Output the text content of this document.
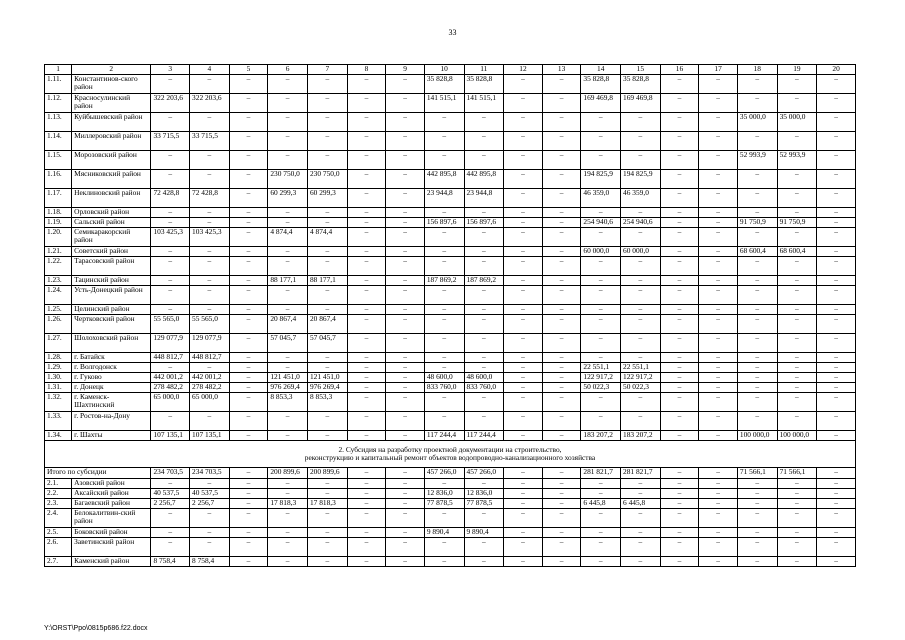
33
1	2	3	4	5	6	7	8	9	10	11	12	13	14	15	16	17	18	19	20
1.11.	Константинов-ского район	–	–	–	–	–	–	–	35 828,8	35 828,8	–	–	35 828,8	35 828,8	–	–	–	–	–
1.12.	Красносулинский район	322 203,6	322 203,6	–	–	–	–	–	141 515,1	141 515,1	–	–	169 469,8	169 469,8	–	–	–	–	–
1.13.	Куйбышевский район	–	–	–	–	–	–	–	–	–	–	–	–	–	–	–	35 000,0	35 000,0	–
1.14.	Миллеровский район	33 715,5	33 715,5	–	–	–	–	–	–	–	–	–	–	–	–	–	–	–	–
1.15.	Морозовский район	–	–	–	–	–	–	–	–	–	–	–	–	–	–	–	52 993,9	52 993,9	–
1.16.	Мясниковский район	–	–	–	230 750,0	230 750,0	–	–	442 895,8	442 895,8	–	–	194 825,9	194 825,9	–	–	–	–	–
1.17.	Неклиновский район	72 428,8	72 428,8	–	60 299,3	60 299,3	–	–	23 944,8	23 944,8	–	–	46 359,0	46 359,0	–	–	–	–	–
1.18.	Орловский район	–	–	–	–	–	–	–	–	–	–	–	–	–	–	–	–	–	–
1.19.	Сальский район	–	–	–	–	–	–	–	156 897,6	156 897,6	–	–	254 940,6	254 940,6	–	–	91 750,9	91 750,9	–
1.20.	Семикаракорский район	103 425,3	103 425,3	–	4 874,4	4 874,4	–	–	–	–	–	–	–	–	–	–	–	–	–
1.21.	Советский район	–	–	–	–	–	–	–	–	–	–	–	60 000,0	60 000,0	–	–	68 600,4	68 600,4	–
1.22.	Тарасовский район	–	–	–	–	–	–	–	–	–	–	–	–	–	–	–	–	–	–
1.23.	Тацинский район	–	–	–	88 177,1	88 177,1	–	–	187 869,2	187 869,2	–	–	–	–	–	–	–	–	–
1.24.	Усть-Донецкий район	–	–	–	–	–	–	–	–	–	–	–	–	–	–	–	–	–	–
1.25.	Целинский район	–	–	–	–	–	–	–	–	–	–	–	–	–	–	–	–	–	–
1.26.	Чертковский район	55 565,0	55 565,0	–	20 867,4	20 867,4	–	–	–	–	–	–	–	–	–	–	–	–	–
1.27.	Шолоховский район	129 077,9	129 077,9	–	57 045,7	57 045,7	–	–	–	–	–	–	–	–	–	–	–	–	–
1.28.	г. Батайск	448 812,7	448 812,7	–	–	–	–	–	–	–	–	–	–	–	–	–	–	–	–
1.29.	г. Волгодонск	–	–	–	–	–	–	–	–	–	–	–	22 551,1	22 551,1	–	–	–	–	–
1.30.	г. Гуково	442 001,2	442 001,2	–	121 451,0	121 451,0	–	–	48 600,0	48 600,0	–	–	122 917,2	122 917,2	–	–	–	–	–
1.31.	г. Донецк	278 482,2	278 482,2	–	976 269,4	976 269,4	–	–	833 760,0	833 760,0	–	–	50 022,3	50 022,3	–	–	–	–	–
1.32.	г. Каменск-Шахтинский	65 000,0	65 000,0	–	8 853,3	8 853,3	–	–	–	–	–	–	–	–	–	–	–	–	–
1.33.	г. Ростов-на-Дону	–	–	–	–	–	–	–	–	–	–	–	–	–	–	–	–	–	–
1.34.	г. Шахты	107 135,1	107 135,1	–	–	–	–	–	117 244,4	117 244,4	–	–	183 207,2	183 207,2	–	–	100 000,0	100 000,0	–

2. Субсидия на разработку проектной документации на строительство,
реконструкцию и капитальный ремонт объектов водопроводно-канализационного хозяйства																			

Итого по субсидии		234 703,5	234 703,5	–	200 899,6	200 899,6	–	–	457 266,0	457 266,0	–	–	281 821,7	281 821,7	–	–	71 566,1	71 566,1	–
2.1.	Азовский район	–	–	–	–	–	–	–	–	–	–	–	–	–	–	–	–	–	–
2.2.	Аксайский район	40 537,5	40 537,5	–	–	–	–	–	12 836,0	12 836,0	–	–	–	–	–	–	–	–	–
2.3.	Багаевский район	2 256,7	2 256,7	–	17 818,3	17 818,3	–	–	77 878,5	77 878,5	–	–	6 445,8	6 445,8	–	–	–	–	–
2.4.	Белокалитвин-ский район	–	–	–	–	–	–	–	–	–	–	–	–	–	–	–	–	–	–
2.5.	Боковский район	–	–	–	–	–	–	–	9 890,4	9 890,4	–	–	–	–	–	–	–	–	–
2.6.	Заветинский район	–	–	–	–	–	–	–	–	–	–	–	–	–	–	–	–	–	–
2.7.	Каменский район	8 758,4	8 758,4	–	–	–	–	–	–	–	–	–	–	–	–	–	–	–	–
Y:\ORST\Ppo\0815p686.f22.docx
